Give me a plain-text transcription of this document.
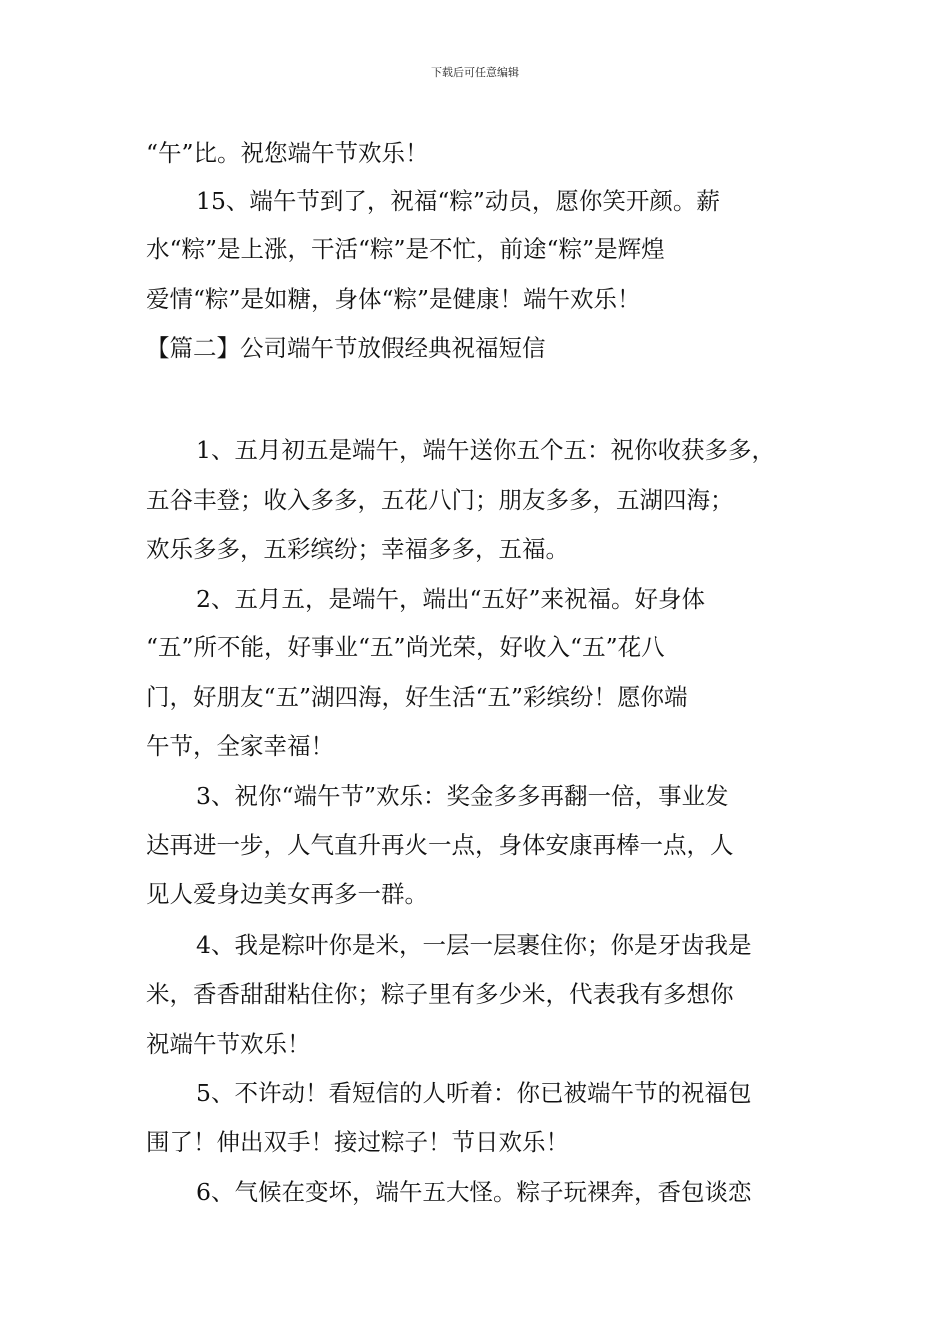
下载后可任意编辑
“午”比。祝您端午节欢乐！
15、端午节到了，祝福“粽”动员，愿你笑开颜。薪
水“粽”是上涨，干活“粽”是不忙，前途“粽”是辉煌
爱情“粽”是如糖，身体“粽”是健康！端午欢乐！
【篇二】公司端午节放假经典祝福短信
1、五月初五是端午，端午送你五个五：祝你收获多多，
五谷丰登；收入多多，五花八门；朋友多多，五湖四海；
欢乐多多，五彩缤纷；幸福多多，五福。
2、五月五，是端午，端出“五好”来祝福。好身体
“五”所不能，好事业“五”尚光荣，好收入“五”花八
门，好朋友“五”湖四海，好生活“五”彩缤纷！愿你端
午节，全家幸福！
3、祝你“端午节”欢乐：奖金多多再翻一倍，事业发
达再进一步，人气直升再火一点，身体安康再棒一点，人
见人爱身边美女再多一群。
4、我是粽叶你是米，一层一层裹住你；你是牙齿我是
米，香香甜甜粘住你；粽子里有多少米，代表我有多想你
祝端午节欢乐！
5、不许动！看短信的人听着：你已被端午节的祝福包
围了！伸出双手！接过粽子！节日欢乐！
6、气候在变坏，端午五大怪。粽子玩裸奔，香包谈恋
